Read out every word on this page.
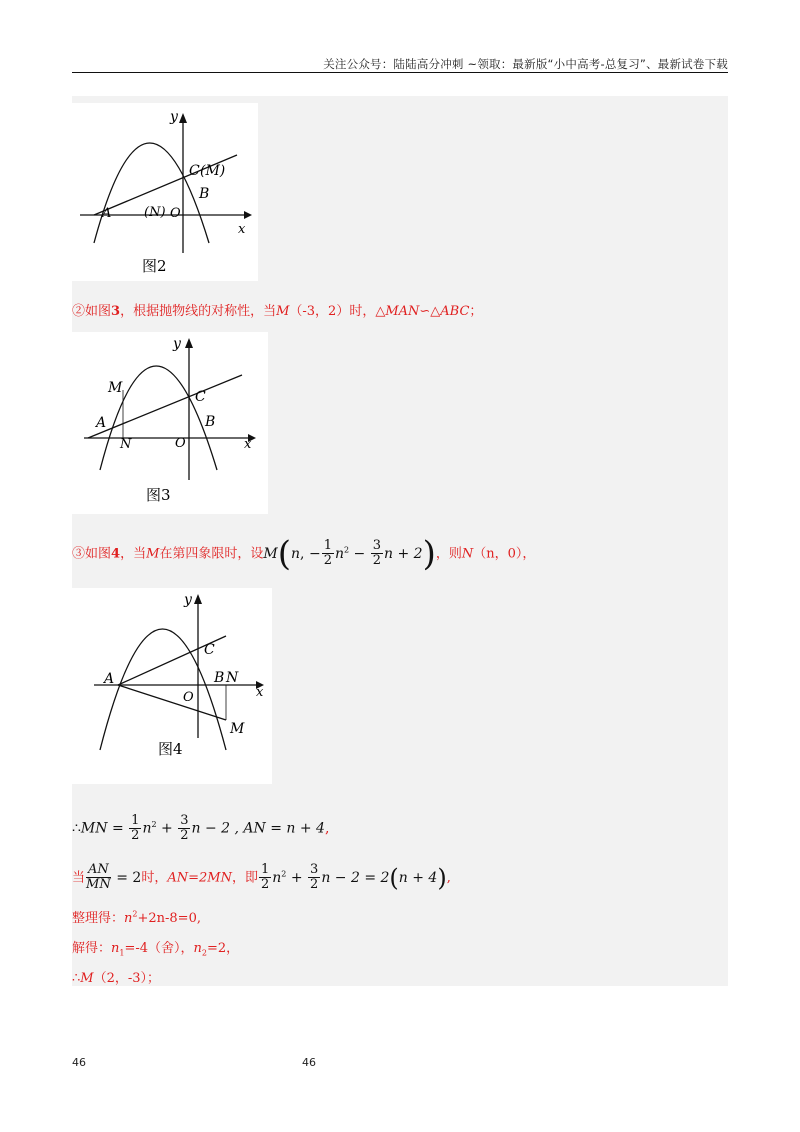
关注公众号：陆陆高分冲刺 ~领取：最新版“小中高考-总复习”、最新试卷下载
y
x
C (M)
B
A	(N) O
图2
②如图3，根据抛物线的对称性，当M（-3，2）时，△MAN∽△ABC；
y
x
M
C
A	B
N	O
图3
③如图4，当M在第四象限时，设M(n, − $\frac{1}{2} n^2 - \frac{3}{2}$ n + 2)，则N（n，0），
y
x
A
C
B N
O
M
图4
∴MN = $\frac{1}{2} n^2 + \frac{3}{2}$ n − 2 , AN = n + 4,
当 $\frac{AN}{MN} = 2$时，AN=2MN，即 $\frac{1}{2} n^2 + \frac{3}{2}$ n − 2 = 2(n + 4),
整理得：$n^2+2n-8=0$,
解得：$n_1=-4$（舍），$n_2=2$，
∴M（2，-3）；
46	46
